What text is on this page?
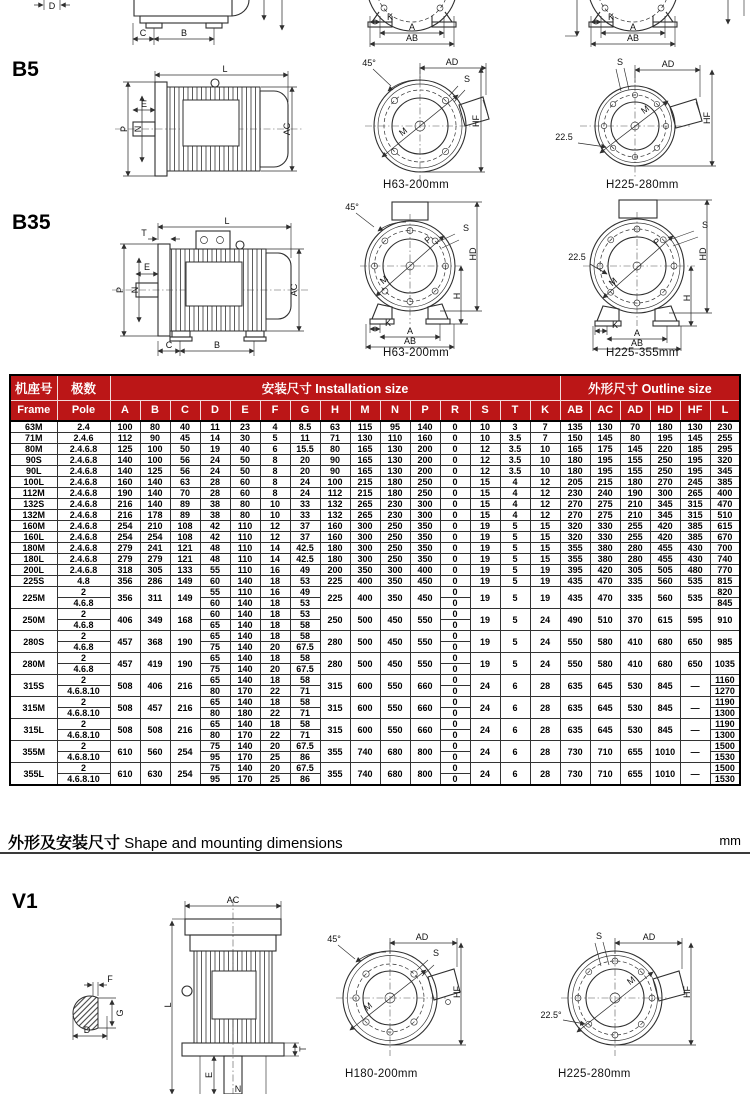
D
C	B
K
A
AB
K
A
AB
B5	L
P N
E
AC
45°	AD
S
M
HF
H63-200mm
22.5
S	AD
M
HF
H225-280mm
B35	L
T
P N
E
AC
C	B
45°
S
P
M
HD
H
K
A
AB
H63-200mm
22.5
S
P
M
HD
H
K
A
AB
H225-355mm
机座号	极数	安装尺寸 Installation size															外形尺寸 Outline size					
Frame	Pole	A	B	C	D	E	F	G	H	M	N	P	R	S	T	K	AB	AC	AD	HD	HF	L
63M	2.4	100	80	40	11	23	4	8.5	63	115	95	140	0	10	3	7	135	130	70	180	130	230
71M	2.4.6	112	90	45	14	30	5	11	71	130	110	160	0	10	3.5	7	150	145	80	195	145	255
80M	2.4.6.8	125	100	50	19	40	6	15.5	80	165	130	200	0	12	3.5	10	165	175	145	220	185	295
90S	2.4.6.8	140	100	56	24	50	8	20	90	165	130	200	0	12	3.5	10	180	195	155	250	195	320
90L	2.4.6.8	140	125	56	24	50	8	20	90	165	130	200	0	12	3.5	10	180	195	155	250	195	345
100L	2.4.6.8	160	140	63	28	60	8	24	100	215	180	250	0	15	4	12	205	215	180	270	245	385
112M	2.4.6.8	190	140	70	28	60	8	24	112	215	180	250	0	15	4	12	230	240	190	300	265	400
132S	2.4.6.8	216	140	89	38	80	10	33	132	265	230	300	0	15	4	12	270	275	210	345	315	470
132M	2.4.6.8	216	178	89	38	80	10	33	132	265	230	300	0	15	4	12	270	275	210	345	315	510
160M	2.4.6.8	254	210	108	42	110	12	37	160	300	250	350	0	19	5	15	320	330	255	420	385	615
160L	2.4.6.8	254	254	108	42	110	12	37	160	300	250	350	0	19	5	15	320	330	255	420	385	670
180M	2.4.6.8	279	241	121	48	110	14	42.5	180	300	250	350	0	19	5	15	355	380	280	455	430	700
180L	2.4.6.8	279	279	121	48	110	14	42.5	180	300	250	350	0	19	5	15	355	380	280	455	430	740
200L	2.4.6.8	318	305	133	55	110	16	49	200	350	300	400	0	19	5	19	395	420	305	505	480	770
225S	4.8	356	286	149	60	140	18	53	225	400	350	450	0	19	5	19	435	470	335	560	535	815
225M	2	356	311	149	55	110	16	49	225	400	350	450	0	19	5	19	435	470	335	560	535	820
	4.6.8				60	140	18	53					0									845
250M	2	406	349	168	60	140	18	53	250	500	450	550	0	19	5	24	490	510	370	615	595	910
	4.6.8				65	140	18	58					0									
280S	2	457	368	190	65	140	18	58	280	500	450	550	0	19	5	24	550	580	410	680	650	985
	4.6.8				75	140	20	67.5					0									
280M	2	457	419	190	65	140	18	58	280	500	450	550	0	19	5	24	550	580	410	680	650	1035
	4.6.8				75	140	20	67.5					0									
315S	2	508	406	216	65	140	18	58	315	600	550	660	0	24	6	28	635	645	530	845	—	1160
	4.6.8.10				80	170	22	71					0									1270
315M	2	508	457	216	65	140	18	58	315	600	550	660	0	24	6	28	635	645	530	845	—	1190
	4.6.8.10				80	180	22	71					0									1300
315L	2	508	508	216	65	140	18	58	315	600	550	660	0	24	6	28	635	645	530	845	—	1190
	4.6.8.10				80	170	22	71					0									1300
355M	2	610	560	254	75	140	20	67.5	355	740	680	800	0	24	6	28	730	710	655	1010	—	1500
	4.6.8.10				95	170	25	86					0									1530
355L	2	610	630	254	75	140	20	67.5	355	740	680	800	0	24	6	28	730	710	655	1010	—	1500
	4.6.8.10				95	170	25	86					0									1530
外形及安装尺寸 Shape and mounting dimensions	mm
V1
F
G
D
AC
L
T
E
N
45°	AD
S
M
HF
H180-200mm
S	AD
22.5°
M
HF
H225-280mm
